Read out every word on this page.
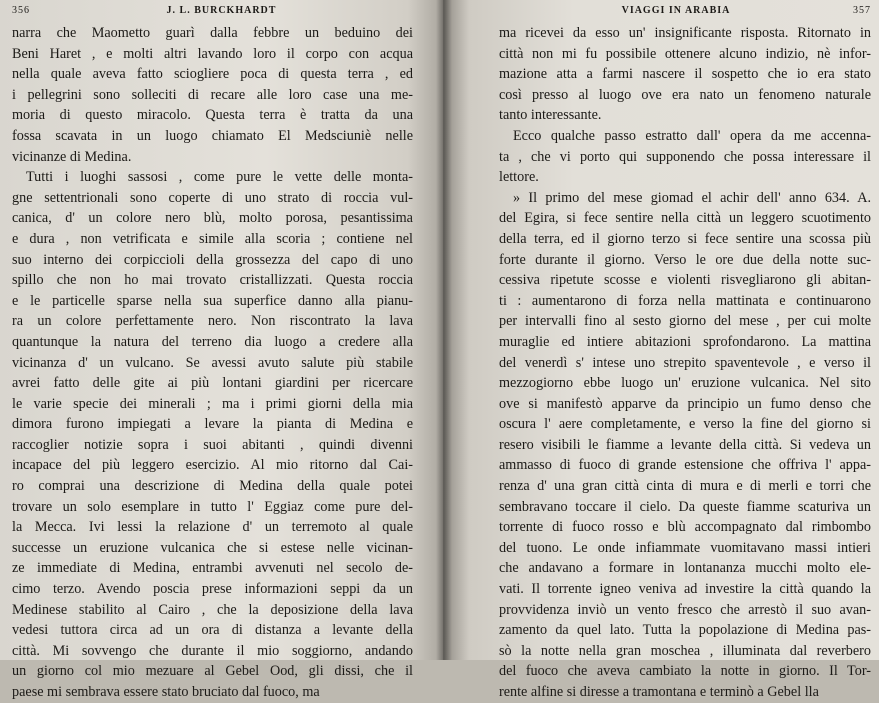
356	J. L. BURCKHARDT

narra che Maometto guarì dalla febbre un beduino dei

Beni Haret , e molti altri lavando loro il corpo con acqua

nella quale aveva fatto sciogliere poca di questa terra , ed

i pellegrini sono solleciti di recare alle loro case una me-

moria di questo miracolo. Questa terra è tratta da una

fossa scavata in un luogo chiamato El Medsciuniè nelle

vicinanze di Medina.

Tutti i luoghi sassosi , come pure le vette delle monta-

gne settentrionali sono coperte di uno strato di roccia vul-

canica, d' un colore nero blù, molto porosa, pesantissima

e dura , non vetrificata e simile alla scoria ; contiene nel

suo interno dei corpiccioli della grossezza del capo di uno

spillo che non ho mai trovato cristallizzati. Questa roccia

e le particelle sparse nella sua superfice danno alla pianu-

ra un colore perfettamente nero. Non riscontrato la lava

quantunque la natura del terreno dia luogo a credere alla

vicinanza d' un vulcano. Se avessi avuto salute più stabile

avrei fatto delle gite ai più lontani giardini per ricercare

le varie specie dei minerali ; ma i primi giorni della mia

dimora furono impiegati a levare la pianta di Medina e

raccoglier notizie sopra i suoi abitanti , quindi divenni

incapace del più leggero esercizio. Al mio ritorno dal Cai-

ro comprai una descrizione di Medina della quale potei

trovare un solo esemplare in tutto l' Eggiaz come pure del-

la Mecca. Ivi lessi la relazione d' un terremoto al quale

successe un eruzione vulcanica che si estese nelle vicinan-

ze immediate di Medina, entrambi avvenuti nel secolo de-

cimo terzo. Avendo poscia prese informazioni seppi da un

Medinese stabilito al Cairo , che la deposizione della lava

vedesi tuttora circa ad un ora di distanza a levante della

città. Mi sovvengo che durante il mio soggiorno, andando

un giorno col mio mezuare al Gebel Ood, gli dissi, che il

paese mi sembrava essere stato bruciato dal fuoco, ma

VIAGGI IN ARABIA	357

ma ricevei da esso un' insignificante risposta. Ritornato in

città non mi fu possibile ottenere alcuno indizio, nè infor-

mazione atta a farmi nascere il sospetto che io era stato

così presso al luogo ove era nato un fenomeno naturale

tanto interessante.

Ecco qualche passo estratto dall' opera da me accenna-

ta , che vi porto qui supponendo che possa interessare il

lettore.

» Il primo del mese giomad el achir dell' anno 634. A.

del Egira, si fece sentire nella città un leggero scuotimento

della terra, ed il giorno terzo si fece sentire una scossa più

forte durante il giorno. Verso le ore due della notte suc-

cessiva ripetute scosse e violenti risvegliarono gli abitan-

ti : aumentarono di forza nella mattinata e continuarono

per intervalli fino al sesto giorno del mese , per cui molte

muraglie ed intiere abitazioni sprofondarono. La mattina

del venerdì s' intese uno strepito spaventevole , e verso il

mezzogiorno ebbe luogo un' eruzione vulcanica. Nel sito

ove si manifestò apparve da principio un fumo denso che

oscura l' aere completamente, e verso la fine del giorno si

resero visibili le fiamme a levante della città. Si vedeva un

ammasso di fuoco di grande estensione che offriva l' appa-

renza d' una gran città cinta di mura e di merli e torri che

sembravano toccare il cielo. Da queste fiamme scaturiva un

torrente di fuoco rosso e blù accompagnato dal rimbombo

del tuono. Le onde infiammate vuomitavano massi intieri

che andavano a formare in lontananza mucchi molto ele-

vati. Il torrente igneo veniva ad investire la città quando la

provvidenza inviò un vento fresco che arrestò il suo avan-

zamento da quel lato. Tutta la popolazione di Medina pas-

sò la notte nella gran moschea , illuminata dal reverbero

del fuoco che aveva cambiato la notte in giorno. Il Tor-

rente alfine si diresse a tramontana e terminò a Gebel lla
